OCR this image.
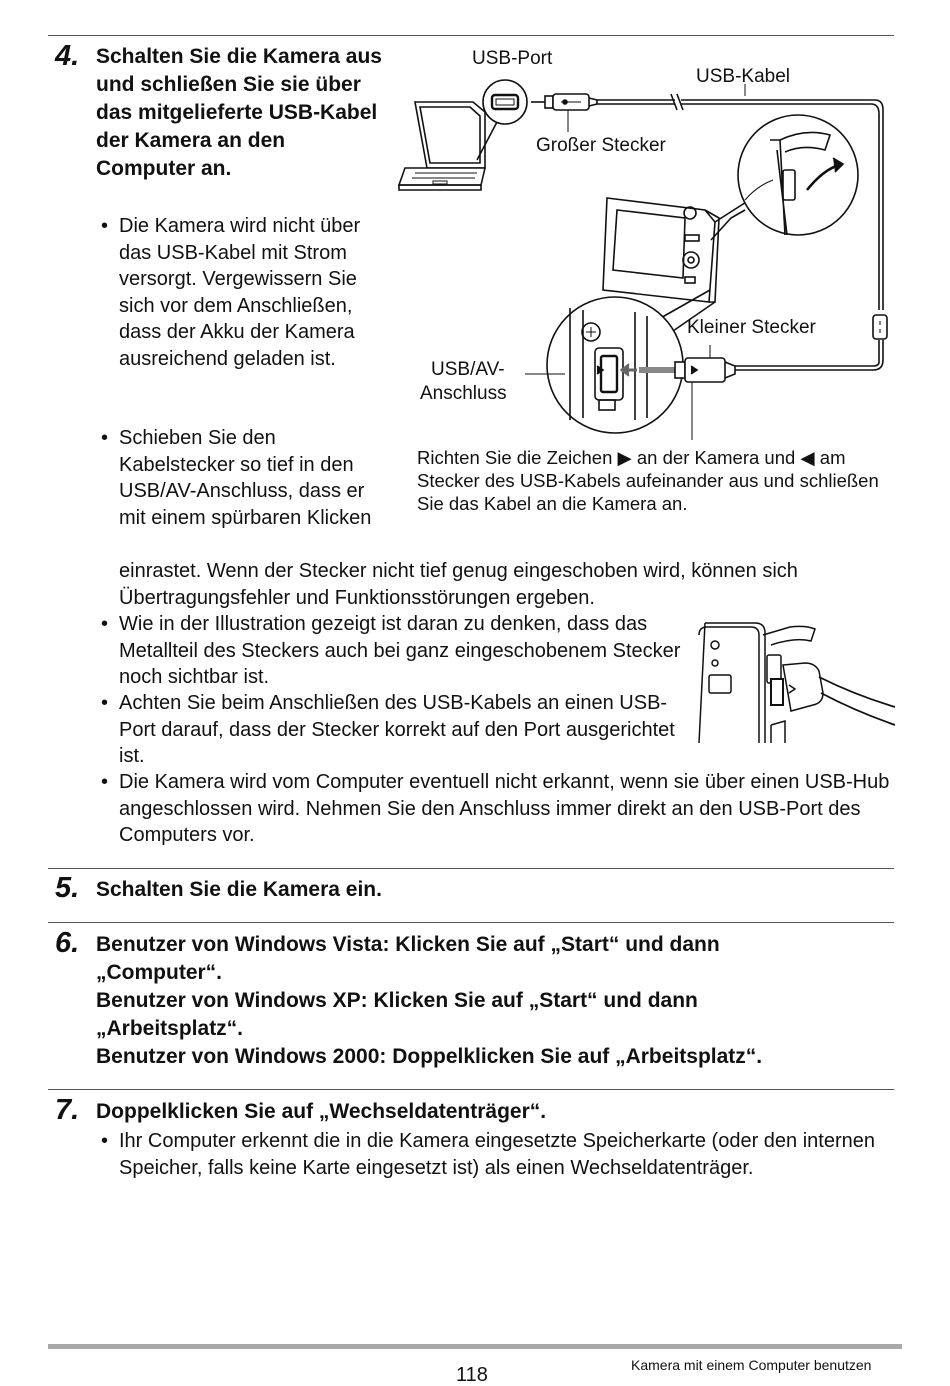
4. Schalten Sie die Kamera aus und schließen Sie sie über das mitgelieferte USB-Kabel der Kamera an den Computer an.
• Die Kamera wird nicht über das USB-Kabel mit Strom versorgt. Vergewissern Sie sich vor dem Anschließen, dass der Akku der Kamera ausreichend geladen ist.
• Schieben Sie den Kabelstecker so tief in den USB/AV-Anschluss, dass er mit einem spürbaren Klicken
einrastet. Wenn der Stecker nicht tief genug eingeschoben wird, können sich Übertragungsfehler und Funktionsstörungen ergeben.
• Wie in der Illustration gezeigt ist daran zu denken, dass das Metallteil des Steckers auch bei ganz eingeschobenem Stecker noch sichtbar ist.
• Achten Sie beim Anschließen des USB-Kabels an einen USB-Port darauf, dass der Stecker korrekt auf den Port ausgerichtet ist.
• Die Kamera wird vom Computer eventuell nicht erkannt, wenn sie über einen USB-Hub angeschlossen wird. Nehmen Sie den Anschluss immer direkt an den USB-Port des Computers vor.
USB-Port
USB-Kabel
Großer Stecker
Kleiner Stecker
USB/AV-
Anschluss
Richten Sie die Zeichen ▶ an der Kamera und ◀ am Stecker des USB-Kabels aufeinander aus und schließen Sie das Kabel an die Kamera an.
5. Schalten Sie die Kamera ein.
6. Benutzer von Windows Vista: Klicken Sie auf „Start“ und dann „Computer“.
Benutzer von Windows XP: Klicken Sie auf „Start“ und dann „Arbeitsplatz“.
Benutzer von Windows 2000: Doppelklicken Sie auf „Arbeitsplatz“.
7. Doppelklicken Sie auf „Wechseldatenträger“.
• Ihr Computer erkennt die in die Kamera eingesetzte Speicherkarte (oder den internen Speicher, falls keine Karte eingesetzt ist) als einen Wechseldatenträger.
118	Kamera mit einem Computer benutzen
